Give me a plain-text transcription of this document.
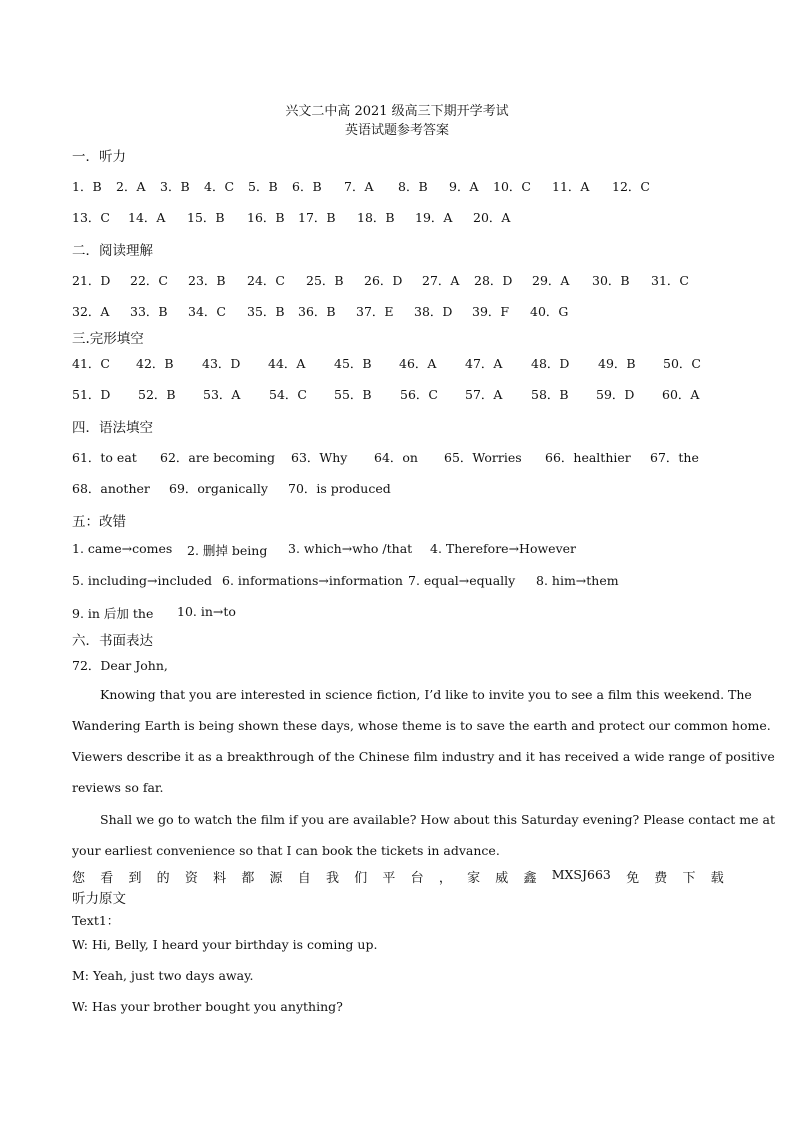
兴文二中高 2021 级高三下期开学考试
英语试题参考答案
一．听力
1．B 2．A 3．B 4．C 5．B 6．B 7．A 8．B 9．A 10．C 11．A 12．C
13．C 14．A 15．B 16．B 17．B 18．B 19．A 20．A
二．阅读理解
21．D 22．C 23．B 24．C 25．B 26．D 27．A 28．D 29．A 30．B 31．C
32．A 33．B 34．C 35．B 36．B 37．E 38．D 39．F 40．G
三.完形填空
41．C 42．B 43．D 44．A 45．B 46．A 47．A 48．D 49．B 50．C
51．D 52．B 53．A 54．C 55．B 56．C 57．A 58．B 59．D 60．A
四．语法填空
61．to eat 62．are becoming 63．Why 64．on 65．Worries 66．healthier 67．the
68．another 69．organically 70．is produced
五：改错
1. came→comes 2. 删掉 being 3. which→who /that 4. Therefore→However
5. including→included 6. informations→information 7. equal→equally 8. him→them
9. in 后加 the 10. in→to
六．书面表达
72．Dear John,
Knowing that you are interested in science fiction, I’d like to invite you to see a film this weekend. The
Wandering Earth is being shown these days, whose theme is to save the earth and protect our common home.
Viewers describe it as a breakthrough of the Chinese film industry and it has received a wide range of positive
reviews so far.
Shall we go to watch the film if you are available? How about this Saturday evening? Please contact me at
your earliest convenience so that I can book the tickets in advance.
您 看 到 的 资 料 都 源 自 我 们 平 台 ， 家 威 鑫 MXSJ663 免 费 下 载
听力原文
Text1：
W: Hi, Belly, I heard your birthday is coming up.
M: Yeah, just two days away.
W: Has your brother bought you anything?
